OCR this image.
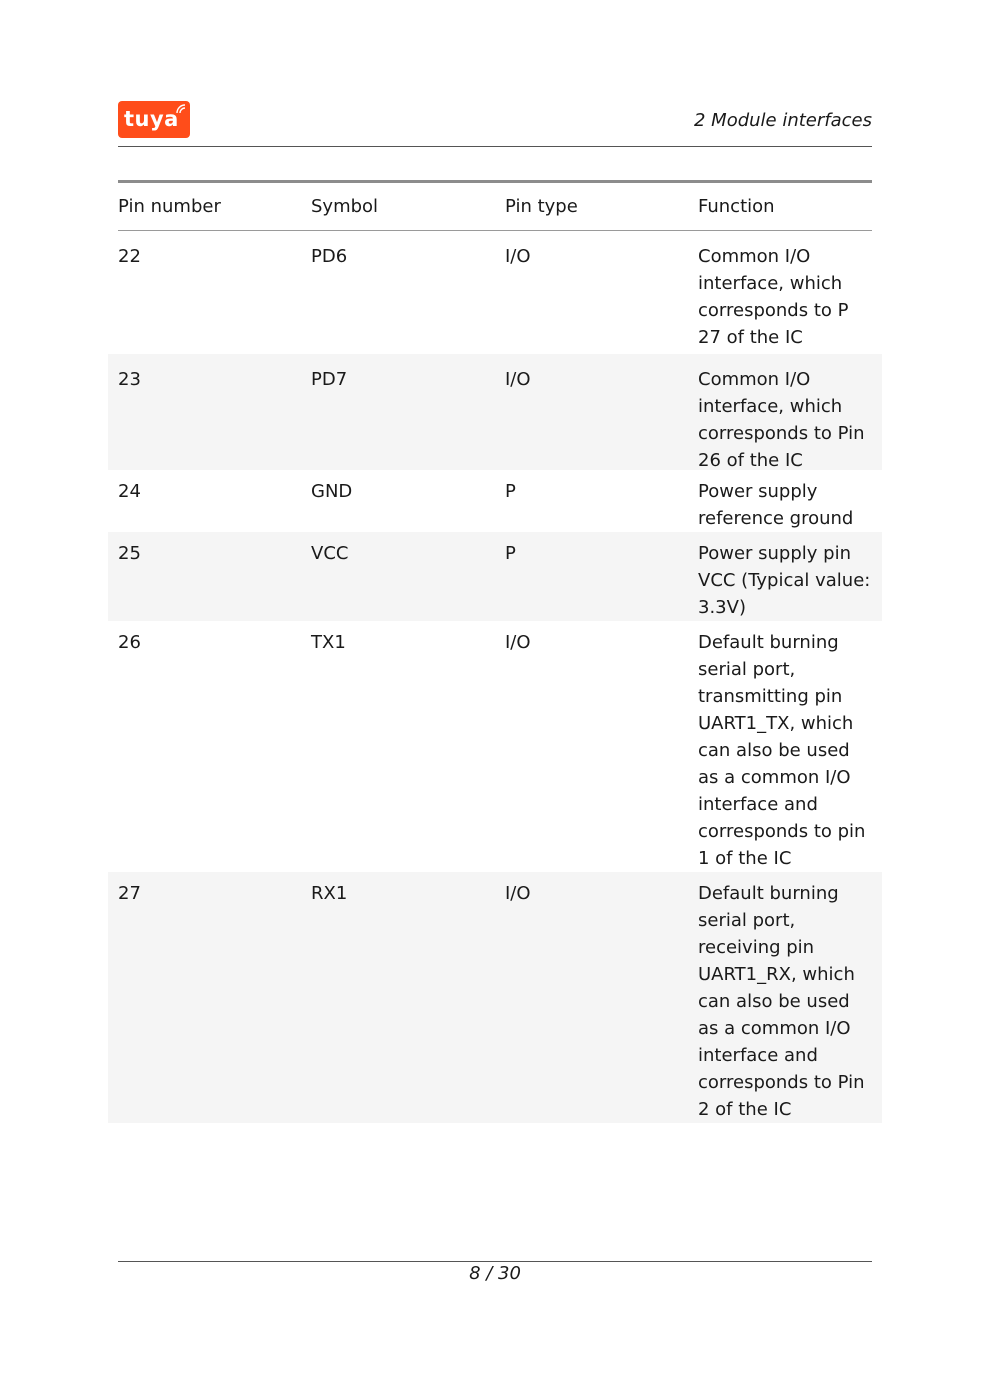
tuya	2 Module interfaces
Pin number	Symbol	Pin type	Function
22	PD6	I/O	Common I/O
interface, which
corresponds to P
27 of the IC
23	PD7	I/O	Common I/O
interface, which
corresponds to Pin
26 of the IC
24	GND	P	Power supply
reference ground
25	VCC	P	Power supply pin
VCC (Typical value:
3.3V)
26	TX1	I/O	Default burning
serial port,
transmitting pin
UART1_TX, which
can also be used
as a common I/O
interface and
corresponds to pin
1 of the IC
27	RX1	I/O	Default burning
serial port,
receiving pin
UART1_RX, which
can also be used
as a common I/O
interface and
corresponds to Pin
2 of the IC
8 / 30
